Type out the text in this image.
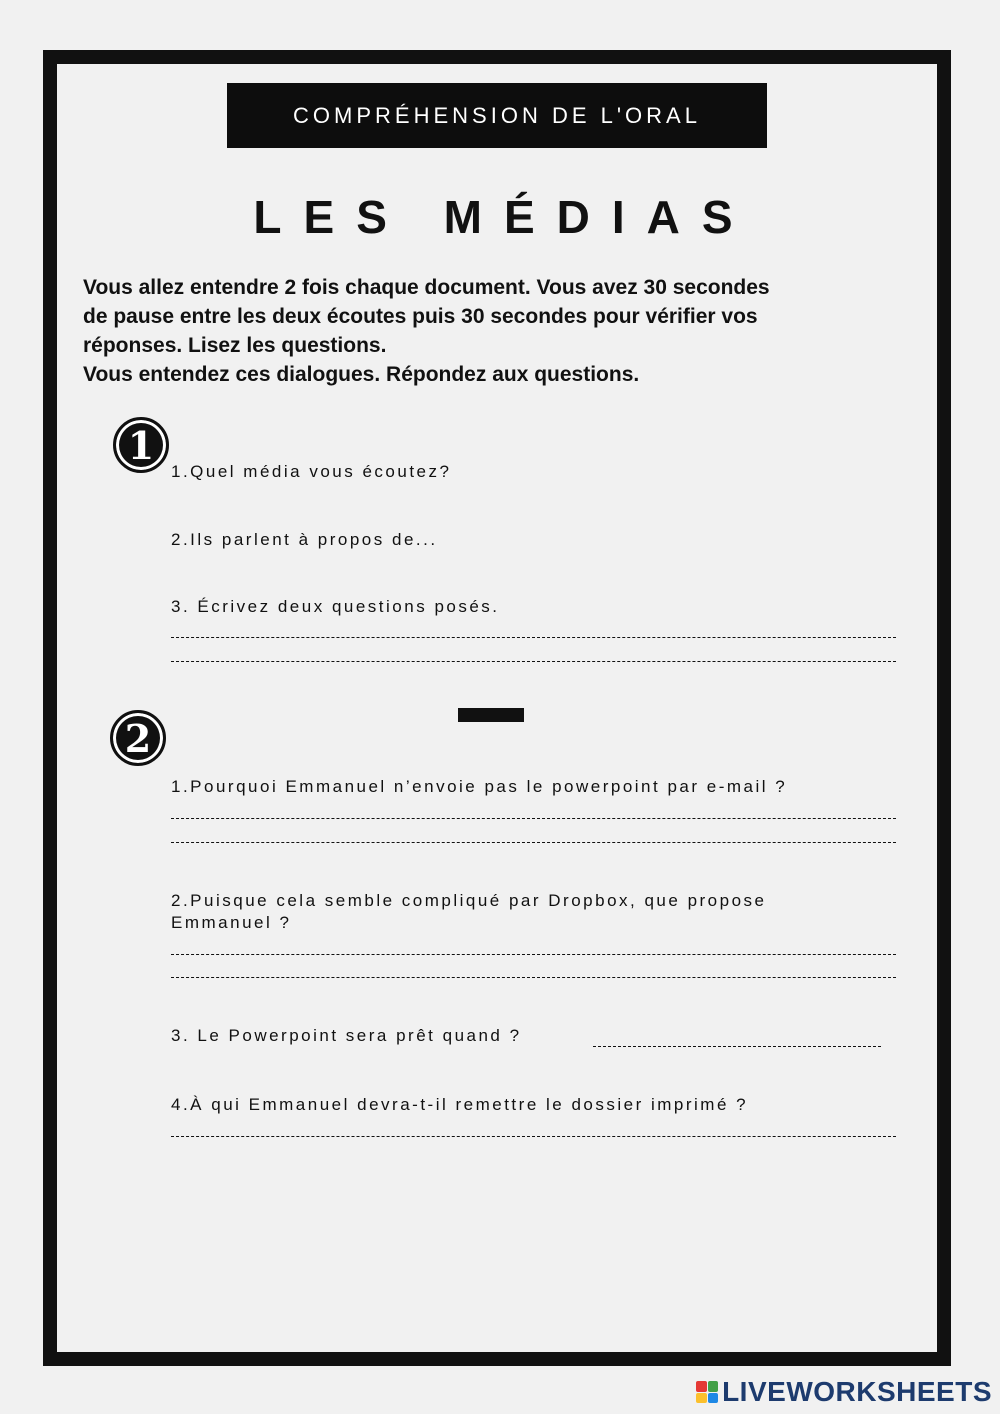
COMPRÉHENSION DE L'ORAL
LES MÉDIAS
Vous allez entendre 2 fois chaque document. Vous avez 30 secondes
de pause entre les deux écoutes puis 30 secondes pour vérifier vos
réponses. Lisez les questions.
Vous entendez ces dialogues. Répondez aux questions.
1
1.Quel média vous écoutez?
2.Ils parlent à propos de...
3. Écrivez deux questions posés.
2
1.Pourquoi Emmanuel n’envoie pas le powerpoint par e-mail ?
2.Puisque cela semble compliqué par Dropbox, que propose
Emmanuel ?
3. Le Powerpoint sera prêt quand ?
4.À qui Emmanuel devra-t-il remettre le dossier imprimé ?
LIVEWORKSHEETS
